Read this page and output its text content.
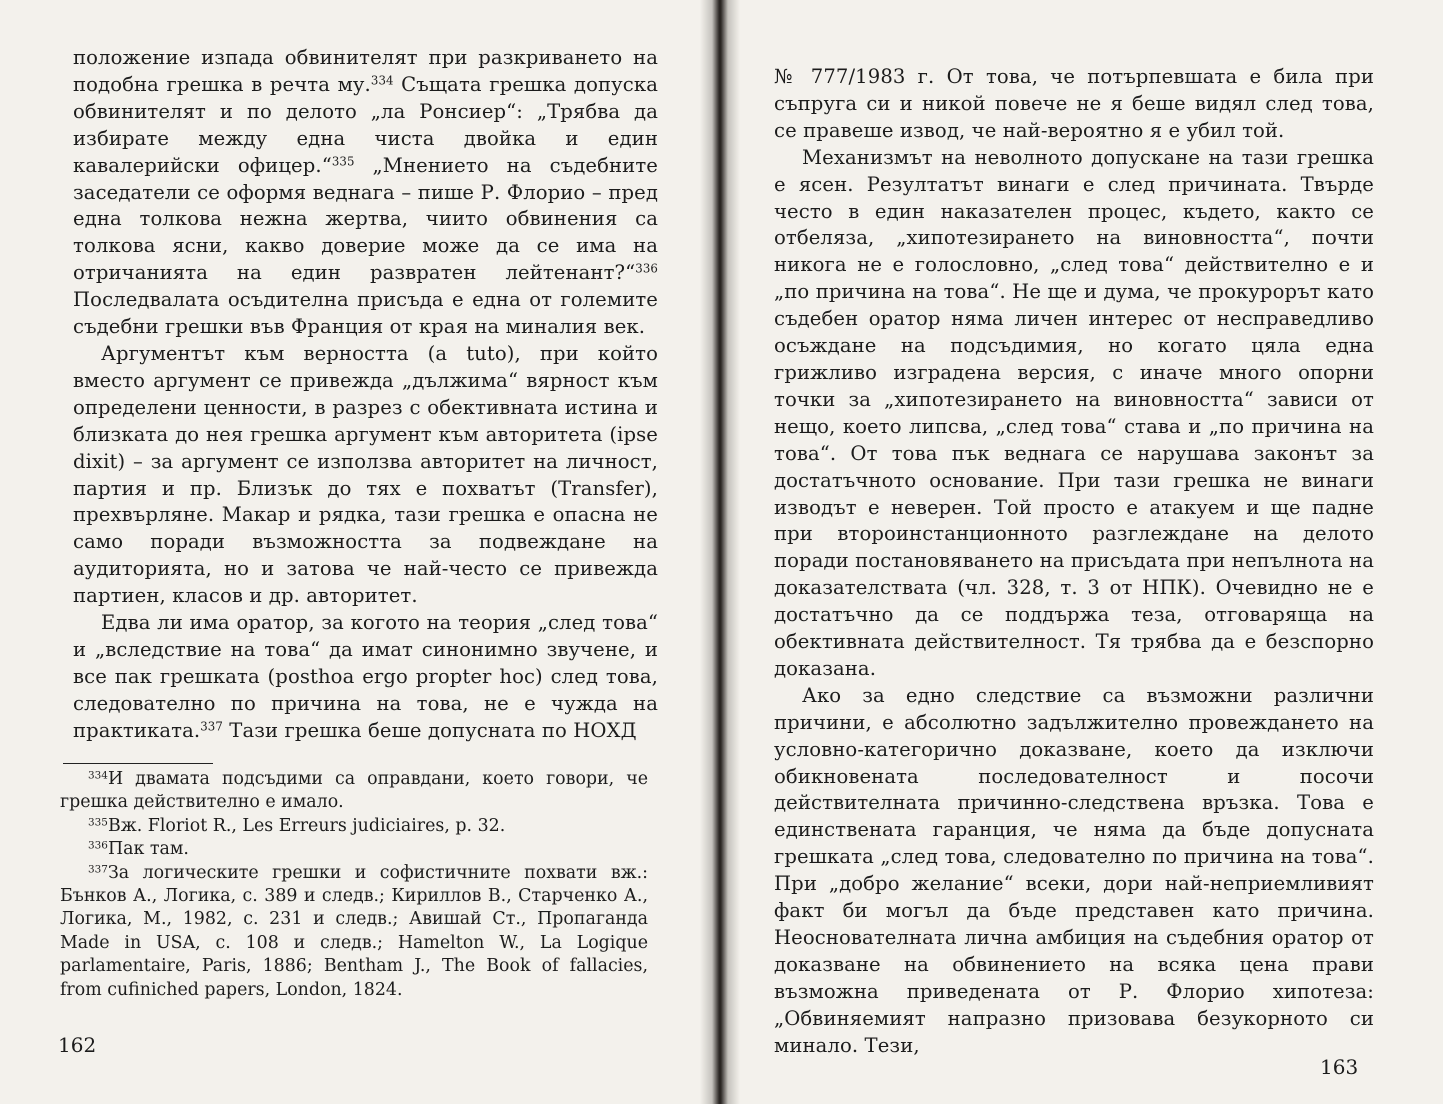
положение изпада обвинителят при разкриването на подобна грешка в речта му.$^{334}$ Същата грешка допуска обвинителят и по делото „ла Ронсиер“: „Трябва да избирате между една чиста двойка и един кавалерийски офицер.“$^{335}$ „Мнението на съдебните заседатели се оформя веднага – пише Р. Флорио – пред една толкова нежна жертва, чиито обвинения са толкова ясни, какво доверие може да се има на отричанията на един развратен лейтенант?“$^{336}$ Последвалата осъдителна присъда е една от големите съдебни грешки във Франция от края на миналия век.

Аргументът към верността (a tuto), при който вместо аргумент се привежда „дължима“ вярност към определени ценности, в разрез с обективната истина и близката до нея грешка аргумент към авторитета (ipse dixit) – за аргумент се използва авторитет на личност, партия и пр. Близък до тях е похватът (Transfer), прехвърляне. Макар и рядка, тази грешка е опасна не само поради възможността за подвеждане на аудиторията, но и затова че най-често се привежда партиен, класов и др. авторитет.

Едва ли има оратор, за когото на теория „след това“ и „вследствие на това“ да имат синонимно звучене, и все пак грешката (posthoa ergo propter hoc) след това, следователно по причина на това, не е чужда на практиката.$^{337}$ Тази грешка беше допусната по НОХД

$^{334}$И двамата подсъдими са оправдани, което говори, че грешка действително е имало.

$^{335}$Вж. Floriot R., Les Erreurs judiciaires, p. 32.

$^{336}$Пак там.

$^{337}$За логическите грешки и софистичните похвати вж.: Бънков А., Логика, с. 389 и следв.; Кириллов В., Старченко А., Логика, М., 1982, с. 231 и следв.; Авишай Ст., Пропаганда Made in USA, с. 108 и следв.; Hamelton W., La Logique parlamentaire, Paris, 1886; Bentham J., The Book of fallacies, from cufiniched papers, London, 1824.

162

№ 777/1983 г. От това, че потърпевшата е била при съпруга си и никой повече не я беше видял след това, се правеше извод, че най-вероятно я е убил той.

Механизмът на неволното допускане на тази грешка е ясен. Резултатът винаги е след причината. Твърде често в един наказателен процес, където, както се отбеляза, „хипотезирането на виновността“, почти никога не е голословно, „след това“ действително е и „по причина на това“. Не ще и дума, че прокурорът като съдебен оратор няма личен интерес от несправедливо осъждане на подсъдимия, но когато цяла една грижливо изградена версия, с иначе много опорни точки за „хипотезирането на виновността“ зависи от нещо, което липсва, „след това“ става и „по причина на това“. От това пък веднага се нарушава законът за достатъчното основание. При тази грешка не винаги изводът е неверен. Той просто е атакуем и ще падне при второинстанционното разглеждане на делото поради постановяването на присъдата при непълнота на доказателствата (чл. 328, т. 3 от НПК). Очевидно не е достатъчно да се поддържа теза, отговаряща на обективната действителност. Тя трябва да е безспорно доказана.

Ако за едно следствие са възможни различни причини, е абсолютно задължително провеждането на условно-категорично доказване, което да изключи обикновената последователност и посочи действителната причинно-следствена връзка. Това е единствената гаранция, че няма да бъде допусната грешката „след това, следователно по причина на това“. При „добро желание“ всеки, дори най-неприемливият факт би могъл да бъде представен като причина. Неоснователната лична амбиция на съдебния оратор от доказване на обвинението на всяка цена прави възможна приведената от Р. Флорио хипотеза: „Обвиняемият напразно призовава безукорното си минало. Тези,

163
